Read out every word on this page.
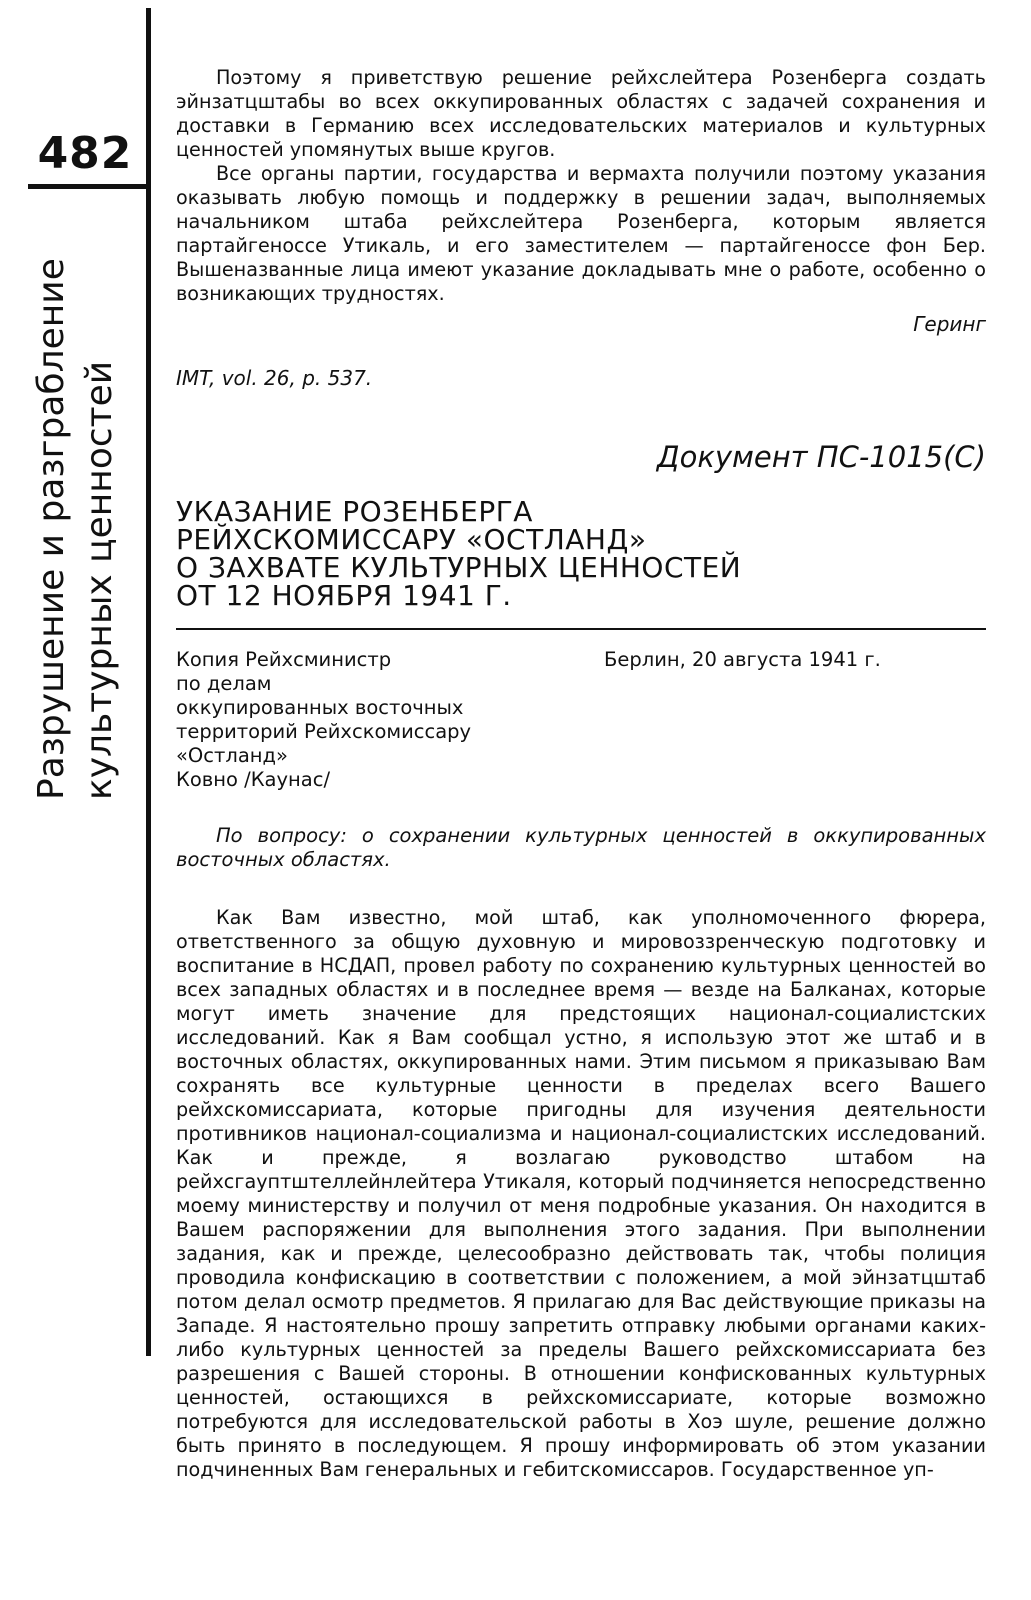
482
Разрушение и разграбление культурных ценностей

Поэтому я приветствую решение рейхслейтера Розенберга создать эйнзатцштабы во всех оккупированных областях с задачей сохранения и доставки в Германию всех исследовательских материалов и культурных ценностей упомянутых выше кругов.

Все органы партии, государства и вермахта получили поэтому указания оказывать любую помощь и поддержку в решении задач, выполняемых начальником штаба рейхслейтера Розенберга, которым является партайгеноссе Утикаль, и его заместителем — партайгеноссе фон Бер. Вышеназванные лица имеют указание докладывать мне о работе, особенно о возникающих трудностях.

Геринг
IMT, vol. 26, p. 537.
Документ ПС-1015(С)
УКАЗАНИЕ РОЗЕНБЕРГА
РЕЙХСКОМИССАРУ «ОСТЛАНД»
О ЗАХВАТЕ КУЛЬТУРНЫХ ЦЕННОСТЕЙ
ОТ 12 НОЯБРЯ 1941 Г.
Копия Рейхсминистр
по делам
оккупированных восточных
территорий Рейхскомиссару
«Остланд»
Ковно /Каунас/
Берлин, 20 августа 1941 г.
По вопросу: о сохранении культурных ценностей в оккупированных восточных областях.

Как Вам известно, мой штаб, как уполномоченного фюрера, ответственного за общую духовную и мировоззренческую подготовку и воспитание в НСДАП, провел работу по сохранению культурных ценностей во всех западных областях и в последнее время — везде на Балканах, которые могут иметь значение для предстоящих национал-социалистских исследований. Как я Вам сообщал устно, я использую этот же штаб и в восточных областях, оккупированных нами. Этим письмом я приказываю Вам сохранять все культурные ценности в пределах всего Вашего рейхскомиссариата, которые пригодны для изучения деятельности противников национал-социализма и национал-социалистских исследований. Как и прежде, я возлагаю руководство штабом на рейхсгауптштеллейнлейтера Утикаля, который подчиняется непосредственно моему министерству и получил от меня подробные указания. Он находится в Вашем распоряжении для выполнения этого задания. При выполнении задания, как и прежде, целесообразно действовать так, чтобы полиция проводила конфискацию в соответствии с положением, а мой эйнзатцштаб потом делал осмотр предметов. Я прилагаю для Вас действующие приказы на Западе. Я настоятельно прошу запретить отправку любыми органами каких-либо культурных ценностей за пределы Вашего рейхскомиссариата без разрешения с Вашей стороны. В отношении конфискованных культурных ценностей, остающихся в рейхскомиссариате, которые возможно потребуются для исследовательской работы в Хоэ шуле, решение должно быть принято в последующем. Я прошу информировать об этом указании подчиненных Вам генеральных и гебитскомиссаров. Государственное уп-
